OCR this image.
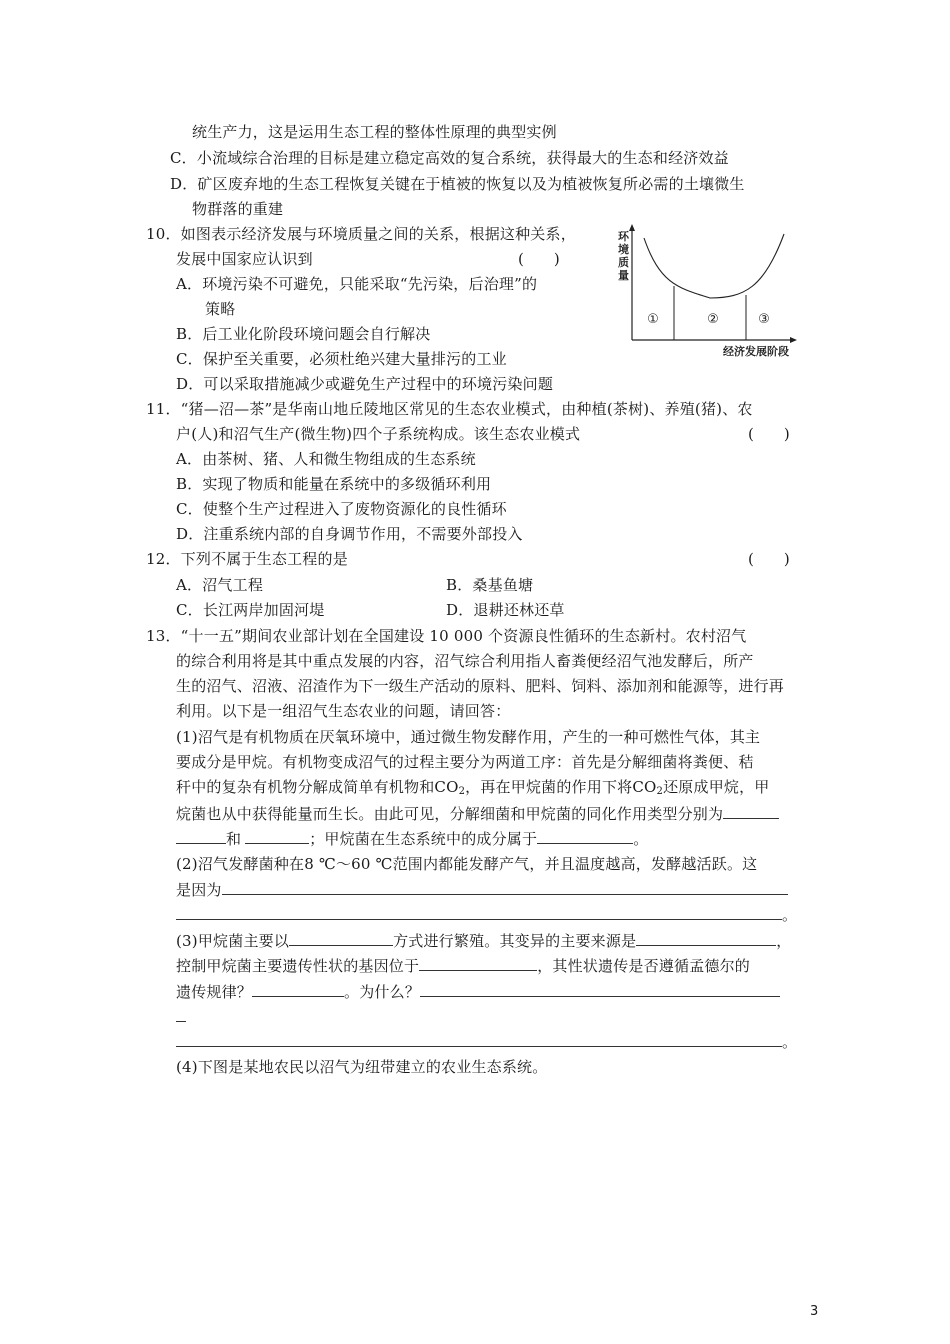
统生产力，这是运用生态工程的整体性原理的典型实例
C．小流域综合治理的目标是建立稳定高效的复合系统，获得最大的生态和经济效益
D．矿区废弃地的生态工程恢复关键在于植被的恢复以及为植被恢复所必需的土壤微生
物群落的重建
10．如图表示经济发展与环境质量之间的关系，根据这种关系，
发展中国家应认识到	(　　)
A．环境污染不可避免，只能采取“先污染，后治理”的
策略
B．后工业化阶段环境问题会自行解决
C．保护至关重要，必须杜绝兴建大量排污的工业
D．可以采取措施减少或避免生产过程中的环境污染问题
环境质量
①	②	③
经济发展阶段
11．“猪—沼—茶”是华南山地丘陵地区常见的生态农业模式，由种植(茶树)、养殖(猪)、农
户(人)和沼气生产(微生物)四个子系统构成。该生态农业模式	(　　)
A．由茶树、猪、人和微生物组成的生态系统
B．实现了物质和能量在系统中的多级循环利用
C．使整个生产过程进入了废物资源化的良性循环
D．注重系统内部的自身调节作用，不需要外部投入
12．下列不属于生态工程的是	(　　)
A．沼气工程	B．桑基鱼塘
C．长江两岸加固河堤	D．退耕还林还草
13．“十一五”期间农业部计划在全国建设 10 000 个资源良性循环的生态新村。农村沼气
的综合利用将是其中重点发展的内容，沼气综合利用指人畜粪便经沼气池发酵后，所产
生的沼气、沼液、沼渣作为下一级生产活动的原料、肥料、饲料、添加剂和能源等，进行再
利用。以下是一组沼气生态农业的问题，请回答：
(1)沼气是有机物质在厌氧环境中，通过微生物发酵作用，产生的一种可燃性气体，其主
要成分是甲烷。有机物变成沼气的过程主要分为两道工序：首先是分解细菌将粪便、秸
秆中的复杂有机物分解成简单有机物和$CO_2$，再在甲烷菌的作用下将$CO_2$还原成甲烷，甲
烷菌也从中获得能量而生长。由此可见，分解细菌和甲烷菌的同化作用类型分别为
和	；甲烷菌在生态系统中的成分属于	。
(2)沼气发酵菌种在8 ℃～60 ℃范围内都能发酵产气，并且温度越高，发酵越活跃。这
是因为
。
(3)甲烷菌主要以	方式进行繁殖。其变异的主要来源是	，
控制甲烷菌主要遗传性状的基因位于	，其性状遗传是否遵循孟德尔的
遗传规律？	。为什么？
。
(4)下图是某地农民以沼气为纽带建立的农业生态系统。
3
